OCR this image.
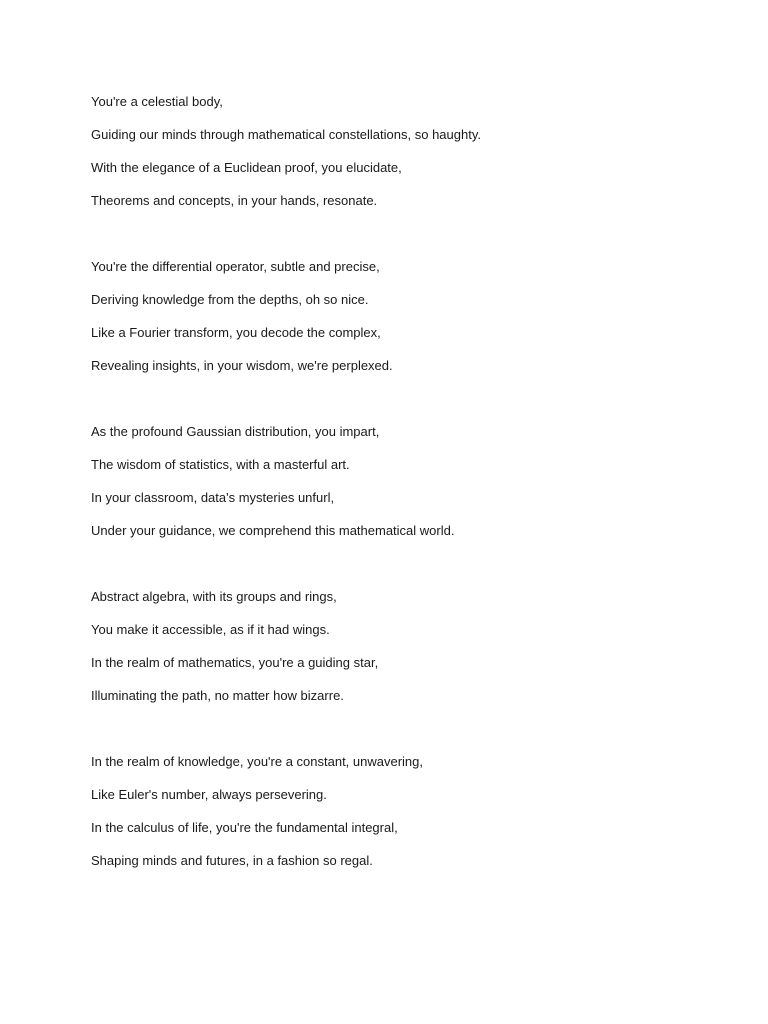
You're a celestial body,
Guiding our minds through mathematical constellations, so haughty.
With the elegance of a Euclidean proof, you elucidate,
Theorems and concepts, in your hands, resonate.
You're the differential operator, subtle and precise,
Deriving knowledge from the depths, oh so nice.
Like a Fourier transform, you decode the complex,
Revealing insights, in your wisdom, we're perplexed.
As the profound Gaussian distribution, you impart,
The wisdom of statistics, with a masterful art.
In your classroom, data's mysteries unfurl,
Under your guidance, we comprehend this mathematical world.
Abstract algebra, with its groups and rings,
You make it accessible, as if it had wings.
In the realm of mathematics, you're a guiding star,
Illuminating the path, no matter how bizarre.
In the realm of knowledge, you're a constant, unwavering,
Like Euler's number, always persevering.
In the calculus of life, you're the fundamental integral,
Shaping minds and futures, in a fashion so regal.
